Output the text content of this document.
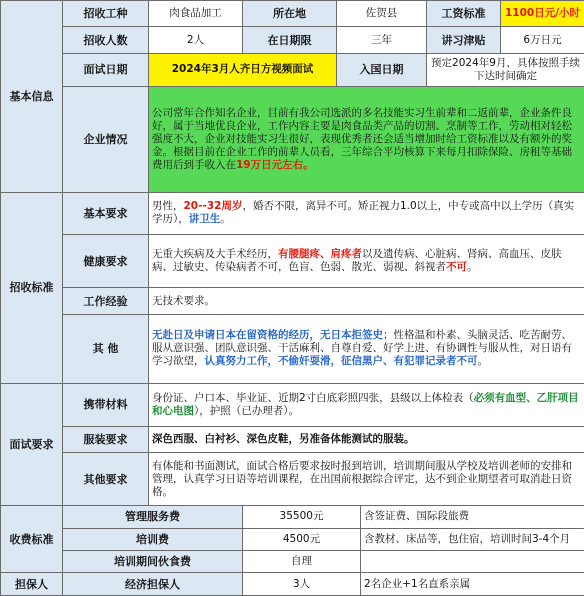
基本信息	招收工种	肉食品加工	所在地	佐贺县		工资标准	1100日元/小时
	招收人数	2人	在日期限	三年		讲习津贴	6万日元
	面试日期	2024年3月人齐日方视频面试		入国日期		预定2024年9月，具体按照手续下达时间确定	
	企业情况	公司常年合作知名企业，目前有我公司选派的多名技能实习生前辈和二返前辈，企业条件良好，属于当地优良企业，工作内容主要是肉食品类产品的切割、烹制等工作，劳动相对轻松强度不大，企业对技能实习生很好，表现优秀者还会适当增加时给工资标准以及有额外的奖金。根据目前在企业工作的前辈人员看，三年综合平均核算下来每月扣除保险、房租等基础费用后到手收入在19万日元左右。					
招收标准	基本要求	男性，20--32周岁，婚否不限，离异不可。矫正视力1.0以上，中专或高中以上学历（真实学历），讲卫生。					
	健康要求	无重大疾病及大手术经历，有腰腿疼、肩疼者以及遗传病、心脏病、肾病、高血压、皮肤病、过敏史、传染病者不可，色盲、色弱、散光、弱视、斜视者不可。					
	工作经验	无技术要求。					
	其 他	无赴日及申请日本在留资格的经历，无日本拒签史；性格温和朴素、头脑灵活、吃苦耐劳、服从意识强、团队意识强、干活麻利、自尊自爱、好学上进、有协调性与服从性，对日语有学习欲望，认真努力工作，不偷奸耍滑，征信黑户、有犯罪记录者不可。					
面试要求	携带材料	身份证、户口本、毕业证、近期2寸白底彩照四张，县级以上体检表（必须有血型、乙肝项目和心电图），护照（已办理者）。					
	服装要求	深色西服、白衬衫、深色皮鞋，另准备体能测试的服装。					
	其他要求	有体能和书面测试，面试合格后要求按时报到培训，培训期间服从学校及培训老师的安排和管理，认真学习日语等培训课程，在出国前根据综合评定，达不到企业期望者可取消赴日资格。					
收费标准	管理服务费		35500元		含签证费、国际段旅费		
	培训费		4500元		含教材、床品等，包住宿，培训时间3-4个月		
	培训期间伙食费		自理				
担保人	经济担保人		3人		2名企业+1名直系亲属		
